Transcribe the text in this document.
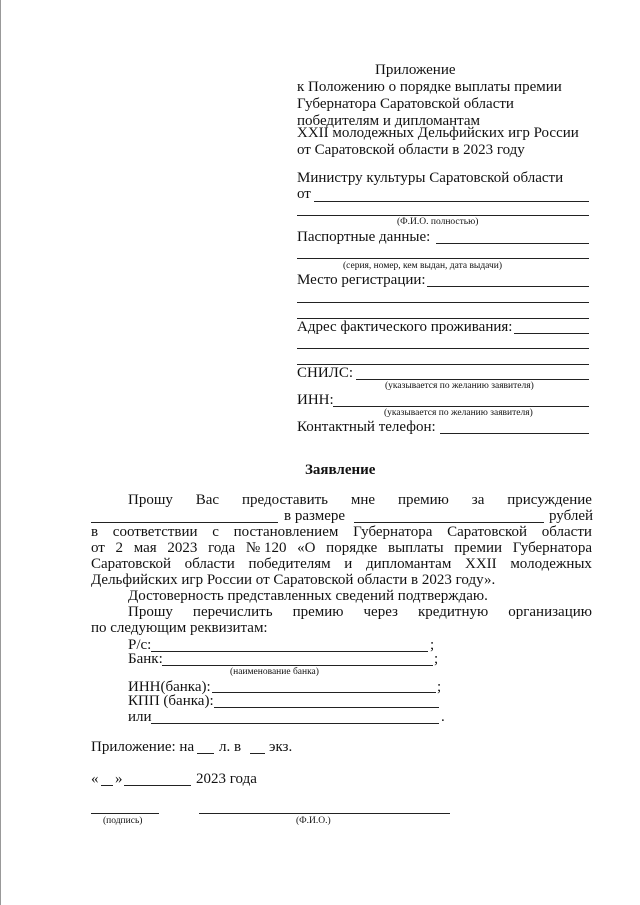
Приложение
к Положению о порядке выплаты премии
Губернатора Саратовской области
победителям и дипломантам
XXII молодежных Дельфийских игр России
от Саратовской области в 2023 году
Министру культуры Саратовской области
от
(Ф.И.О. полностью)
Паспортные данные:
(серия, номер, кем выдан, дата выдачи)
Место регистрации:
Адрес фактического проживания:
СНИЛС:
(указывается по желанию заявителя)
ИНН:
(указывается по желанию заявителя)
Контактный телефон:
Заявление
Прошу Вас предоставить мне премию за присуждение
в размере	рублей
в соответствии с постановлением Губернатора Саратовской области
от 2 мая 2023 года № 120 «О порядке выплаты премии Губернатора
Саратовской области победителям и дипломантам XXII молодежных
Дельфийских игр России от Саратовской области в 2023 году».
Достоверность представленных сведений подтверждаю.
Прошу перечислить премию через кредитную организацию
по следующим реквизитам:
Р/с:	;
Банк:	;
(наименование банка)
ИНН(банка):	;
КПП (банка):
или	.
Приложение: на л. в экз.
« »	2023 года
(подпись)	(Ф.И.О.)
